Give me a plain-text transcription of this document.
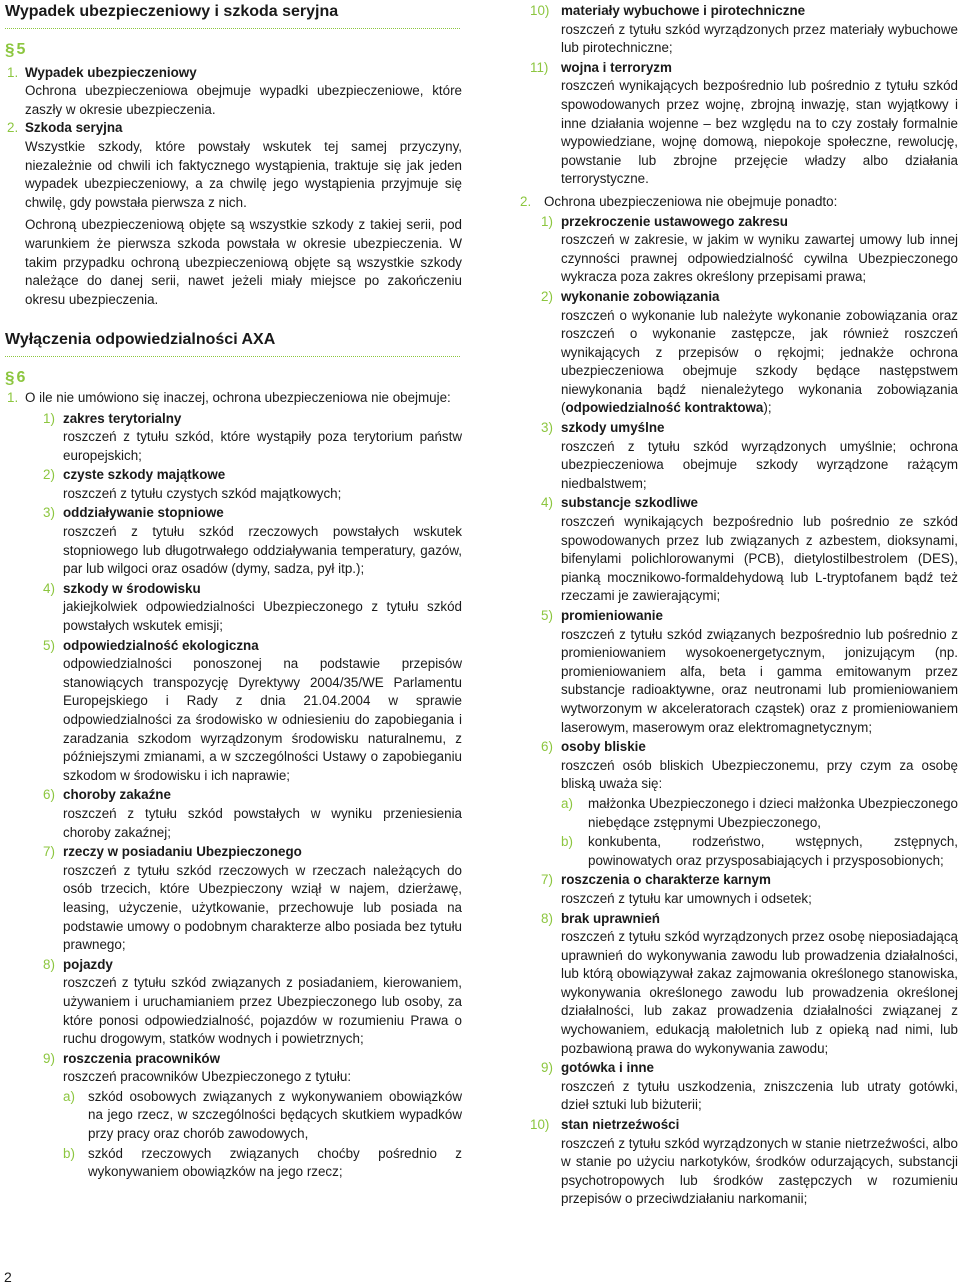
Wypadek ubezpieczeniowy i szkoda seryjna
§ 5
1. Wypadek ubezpieczeniowy
Ochrona ubezpieczeniowa obejmuje wypadki ubezpieczeniowe, które zaszły w okresie ubezpieczenia.
2. Szkoda seryjna
Wszystkie szkody, które powstały wskutek tej samej przyczyny, niezależnie od chwili ich faktycznego wystąpienia, traktuje się jak jeden wypadek ubezpieczeniowy, a za chwilę jego wystąpienia przyjmuje się chwilę, gdy powstała pierwsza z nich.
Ochroną ubezpieczeniową objęte są wszystkie szkody z takiej serii, pod warunkiem że pierwsza szkoda powstała w okresie ubezpieczenia. W takim przypadku ochroną ubezpieczeniową objęte są wszystkie szkody należące do danej serii, nawet jeżeli miały miejsce po zakończeniu okresu ubezpieczenia.
Wyłączenia odpowiedzialności AXA
§ 6
1. O ile nie umówiono się inaczej, ochrona ubezpieczeniowa nie obejmuje:
1) zakres terytorialny
roszczeń z tytułu szkód, które wystąpiły poza terytorium państw europejskich;
2) czyste szkody majątkowe
roszczeń z tytułu czystych szkód majątkowych;
3) oddziaływanie stopniowe
roszczeń z tytułu szkód rzeczowych powstałych wskutek stopniowego lub długotrwałego oddziaływania temperatury, gazów, par lub wilgoci oraz osadów (dymy, sadza, pył itp.);
4) szkody w środowisku
jakiejkolwiek odpowiedzialności Ubezpieczonego z tytułu szkód powstałych wskutek emisji;
5) odpowiedzialność ekologiczna
odpowiedzialności ponoszonej na podstawie przepisów stanowiących transpozycję Dyrektywy 2004/35/WE Parlamentu Europejskiego i Rady z dnia 21.04.2004 w sprawie odpowiedzialności za środowisko w odniesieniu do zapobiegania i zaradzania szkodom wyrządzonym środowisku naturalnemu, z późniejszymi zmianami, a w szczególności Ustawy o zapobieganiu szkodom w środowisku i ich naprawie;
6) choroby zakaźne
roszczeń z tytułu szkód powstałych w wyniku przeniesienia choroby zakaźnej;
7) rzeczy w posiadaniu Ubezpieczonego
roszczeń z tytułu szkód rzeczowych w rzeczach należących do osób trzecich, które Ubezpieczony wziął w najem, dzierżawę, leasing, użyczenie, użytkowanie, przechowuje lub posiada na podstawie umowy o podobnym charakterze albo posiada bez tytułu prawnego;
8) pojazdy
roszczeń z tytułu szkód związanych z posiadaniem, kierowaniem, używaniem i uruchamianiem przez Ubezpieczonego lub osoby, za które ponosi odpowiedzialność, pojazdów w rozumieniu Prawa o ruchu drogowym, statków wodnych i powietrznych;
9) roszczenia pracowników
roszczeń pracowników Ubezpieczonego z tytułu:
a) szkód osobowych związanych z wykonywaniem obowiązków na jego rzecz, w szczególności będących skutkiem wypadków przy pracy oraz chorób zawodowych,
b) szkód rzeczowych związanych choćby pośrednio z wykonywaniem obowiązków na jego rzecz;
10) materiały wybuchowe i pirotechniczne
roszczeń z tytułu szkód wyrządzonych przez materiały wybuchowe lub pirotechniczne;
11) wojna i terroryzm
roszczeń wynikających bezpośrednio lub pośrednio z tytułu szkód spowodowanych przez wojnę, zbrojną inwazję, stan wyjątkowy i inne działania wojenne – bez względu na to czy zostały formalnie wypowiedziane, wojnę domową, niepokoje społeczne, rewolucję, powstanie lub zbrojne przejęcie władzy albo działania terrorystyczne.
2. Ochrona ubezpieczeniowa nie obejmuje ponadto:
1) przekroczenie ustawowego zakresu
roszczeń w zakresie, w jakim w wyniku zawartej umowy lub innej czynności prawnej odpowiedzialność cywilna Ubezpieczonego wykracza poza zakres określony przepisami prawa;
2) wykonanie zobowiązania
roszczeń o wykonanie lub należyte wykonanie zobowiązania oraz roszczeń o wykonanie zastępcze, jak również roszczeń wynikających z przepisów o rękojmi; jednakże ochrona ubezpieczeniowa obejmuje szkody będące następstwem niewykonania bądź nienależytego wykonania zobowiązania (odpowiedzialność kontraktowa);
3) szkody umyślne
roszczeń z tytułu szkód wyrządzonych umyślnie; ochrona ubezpieczeniowa obejmuje szkody wyrządzone rażącym niedbalstwem;
4) substancje szkodliwe
roszczeń wynikających bezpośrednio lub pośrednio ze szkód spowodowanych przez lub związanych z azbestem, dioksynami, bifenylami polichlorowanymi (PCB), dietylostilbestrolem (DES), pianką mocznikowo-formaldehydową lub L-tryptofanem bądź też rzeczami je zawierającymi;
5) promieniowanie
roszczeń z tytułu szkód związanych bezpośrednio lub pośrednio z promieniowaniem wysokoenergetycznym, jonizującym (np. promieniowaniem alfa, beta i gamma emitowanym przez substancje radioaktywne, oraz neutronami lub promieniowaniem wytworzonym w akceleratorach cząstek) oraz z promieniowaniem laserowym, maserowym oraz elektromagnetycznym;
6) osoby bliskie
roszczeń osób bliskich Ubezpieczonemu, przy czym za osobę bliską uważa się:
a) małżonka Ubezpieczonego i dzieci małżonka Ubezpieczonego niebędące zstępnymi Ubezpieczonego,
b) konkubenta, rodzeństwo, wstępnych, zstępnych, powinowatych oraz przysposabiających i przysposobionych;
7) roszczenia o charakterze karnym
roszczeń z tytułu kar umownych i odsetek;
8) brak uprawnień
roszczeń z tytułu szkód wyrządzonych przez osobę nieposiadającą uprawnień do wykonywania zawodu lub prowadzenia działalności, lub którą obowiązywał zakaz zajmowania określonego stanowiska, wykonywania określonego zawodu lub prowadzenia określonej działalności, lub zakaz prowadzenia działalności związanej z wychowaniem, edukacją małoletnich lub z opieką nad nimi, lub pozbawioną prawa do wykonywania zawodu;
9) gotówka i inne
roszczeń z tytułu uszkodzenia, zniszczenia lub utraty gotówki, dzieł sztuki lub biżuterii;
10) stan nietrzeźwości
roszczeń z tytułu szkód wyrządzonych w stanie nietrzeźwości, albo w stanie po użyciu narkotyków, środków odurzających, substancji psychotropowych lub środków zastępczych w rozumieniu przepisów o przeciwdziałaniu narkomanii;
2
